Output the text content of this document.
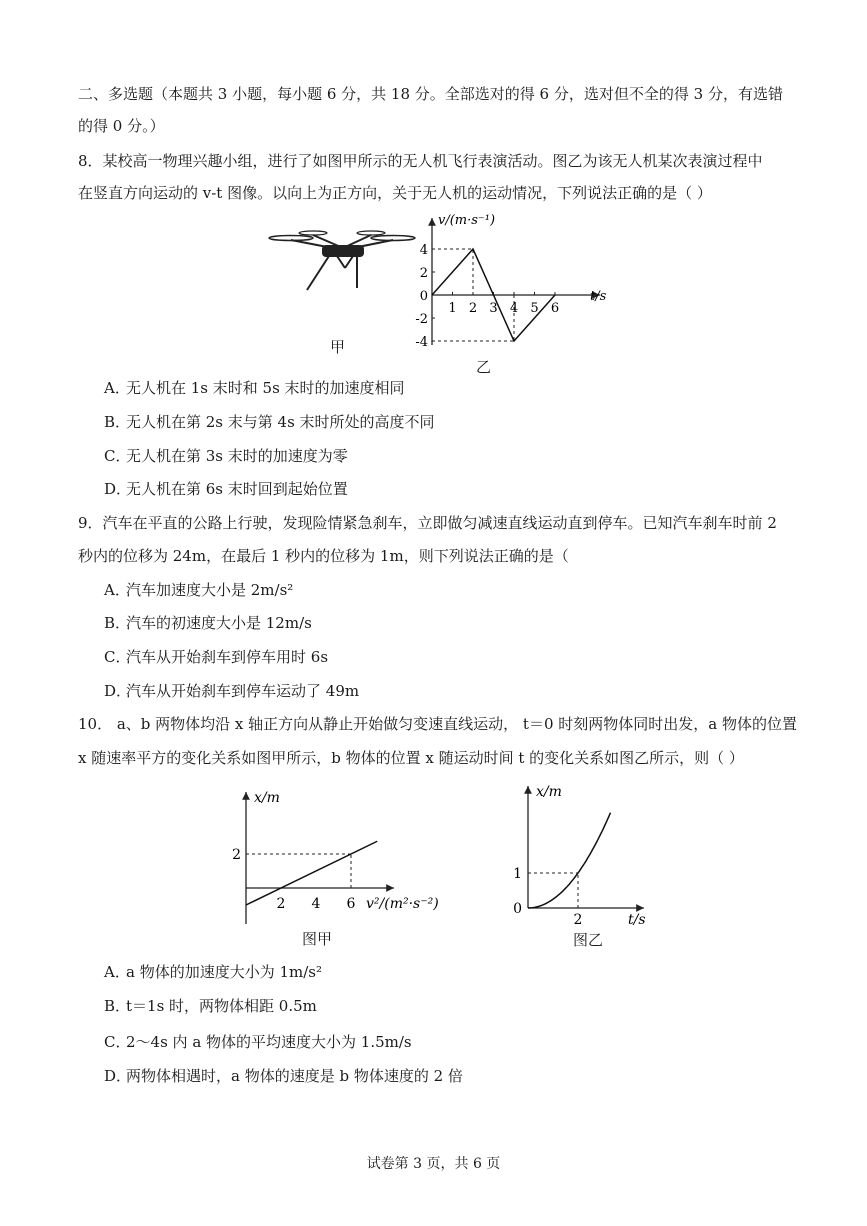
二、多选题（本题共 3 小题，每小题 6 分，共 18 分。全部选对的得 6 分，选对但不全的得 3 分，有选错
的得 0 分。）
8．某校高一物理兴趣小组，进行了如图甲所示的无人机飞行表演活动。图乙为该无人机某次表演过程中
在竖直方向运动的 v-t 图像。以向上为正方向，关于无人机的运动情况，下列说法正确的是（ ）
甲
v/(m·s⁻¹)
t/s
1 2 3 4 5 6
4
2
0
-2
-4
乙
A．无人机在 1s 末时和 5s 末时的加速度相同
B．无人机在第 2s 末与第 4s 末时所处的高度不同
C．无人机在第 3s 末时的加速度为零
D．无人机在第 6s 末时回到起始位置
9．汽车在平直的公路上行驶，发现险情紧急刹车，立即做匀减速直线运动直到停车。已知汽车刹车时前 2
秒内的位移为 24m，在最后 1 秒内的位移为 1m，则下列说法正确的是（
A．汽车加速度大小是 2m/s²
B．汽车的初速度大小是 12m/s
C．汽车从开始刹车到停车用时 6s
D．汽车从开始刹车到停车运动了 49m
10． a、b 两物体均沿 x 轴正方向从静止开始做匀变速直线运动， t＝0 时刻两物体同时出发，a 物体的位置
x 随速率平方的变化关系如图甲所示，b 物体的位置 x 随运动时间 t 的变化关系如图乙所示，则（ ）
x/m
v²/(m²·s⁻²)
2 4 6
2
图甲
x/m
t/s
2
1
0
图乙
A．a 物体的加速度大小为 1m/s²
B．t＝1s 时，两物体相距 0.5m
C．2～4s 内 a 物体的平均速度大小为 1.5m/s
D．两物体相遇时，a 物体的速度是 b 物体速度的 2 倍
试卷第 3 页，共 6 页
